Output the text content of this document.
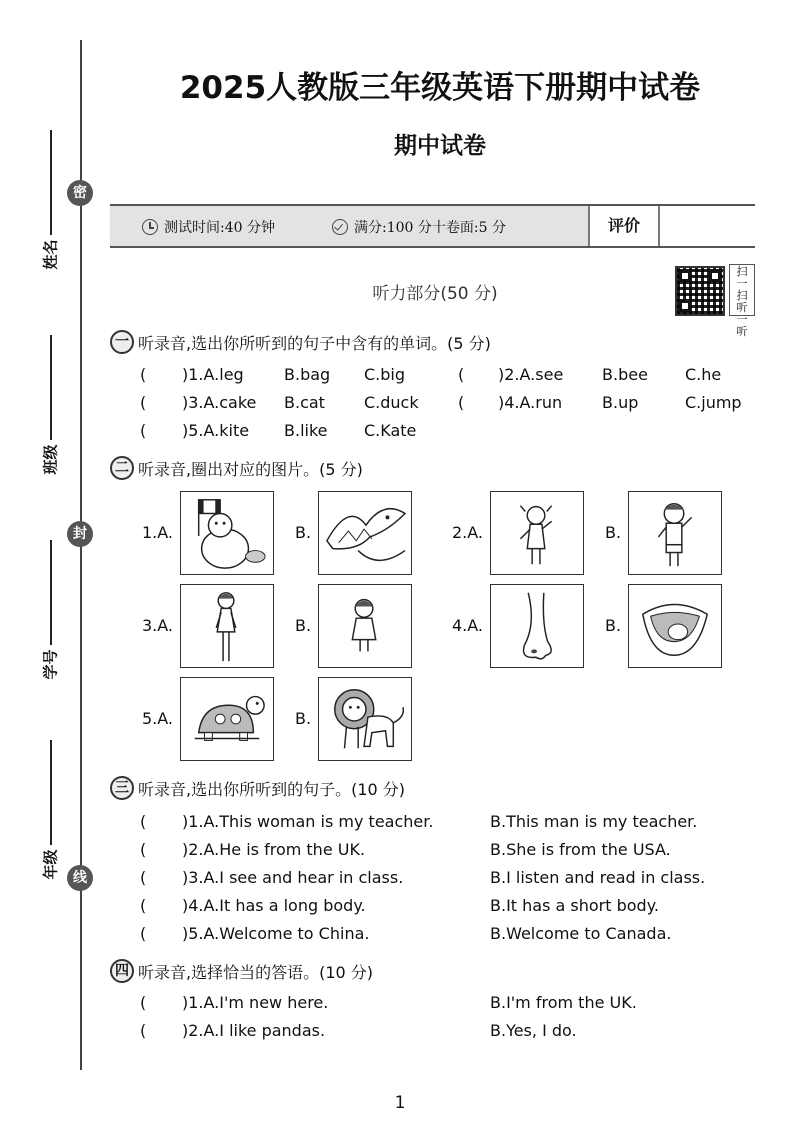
密
封
线
姓名
班级
学号
年级
2025人教版三年级英语下册期中试卷
期中试卷
测试时间:40 分钟	满分:100 分十卷面:5 分	评价
听力部分(50 分)
扫一扫 听一听
一 听录音,选出你所听到的句子中含有的单词。(5 分)
( )1.A.leg	B.bag C.big	( )2.A.see B.bee C.he
( )3.A.cake B.cat C.duck ( )4.A.run B.up	C.jump
( )5.A.kite B.like C.Kate
二 听录音,圈出对应的图片。(5 分)
1.A.	B.	2.A.	B.
3.A.	B.	4.A.	B.
5.A.	B.
三 听录音,选出你所听到的句子。(10 分)
( )1.A.This woman is my teacher.	B.This man is my teacher.
( )2.A.He is from the UK.	B.She is from the USA.
( )3.A.I see and hear in class.	B.I listen and read in class.
( )4.A.It has a long body.	B.It has a short body.
( )5.A.Welcome to China.	B.Welcome to Canada.
四 听录音,选择恰当的答语。(10 分)
( )1.A.I'm new here.	B.I'm from the UK.
( )2.A.I like pandas.	B.Yes, I do.
1
